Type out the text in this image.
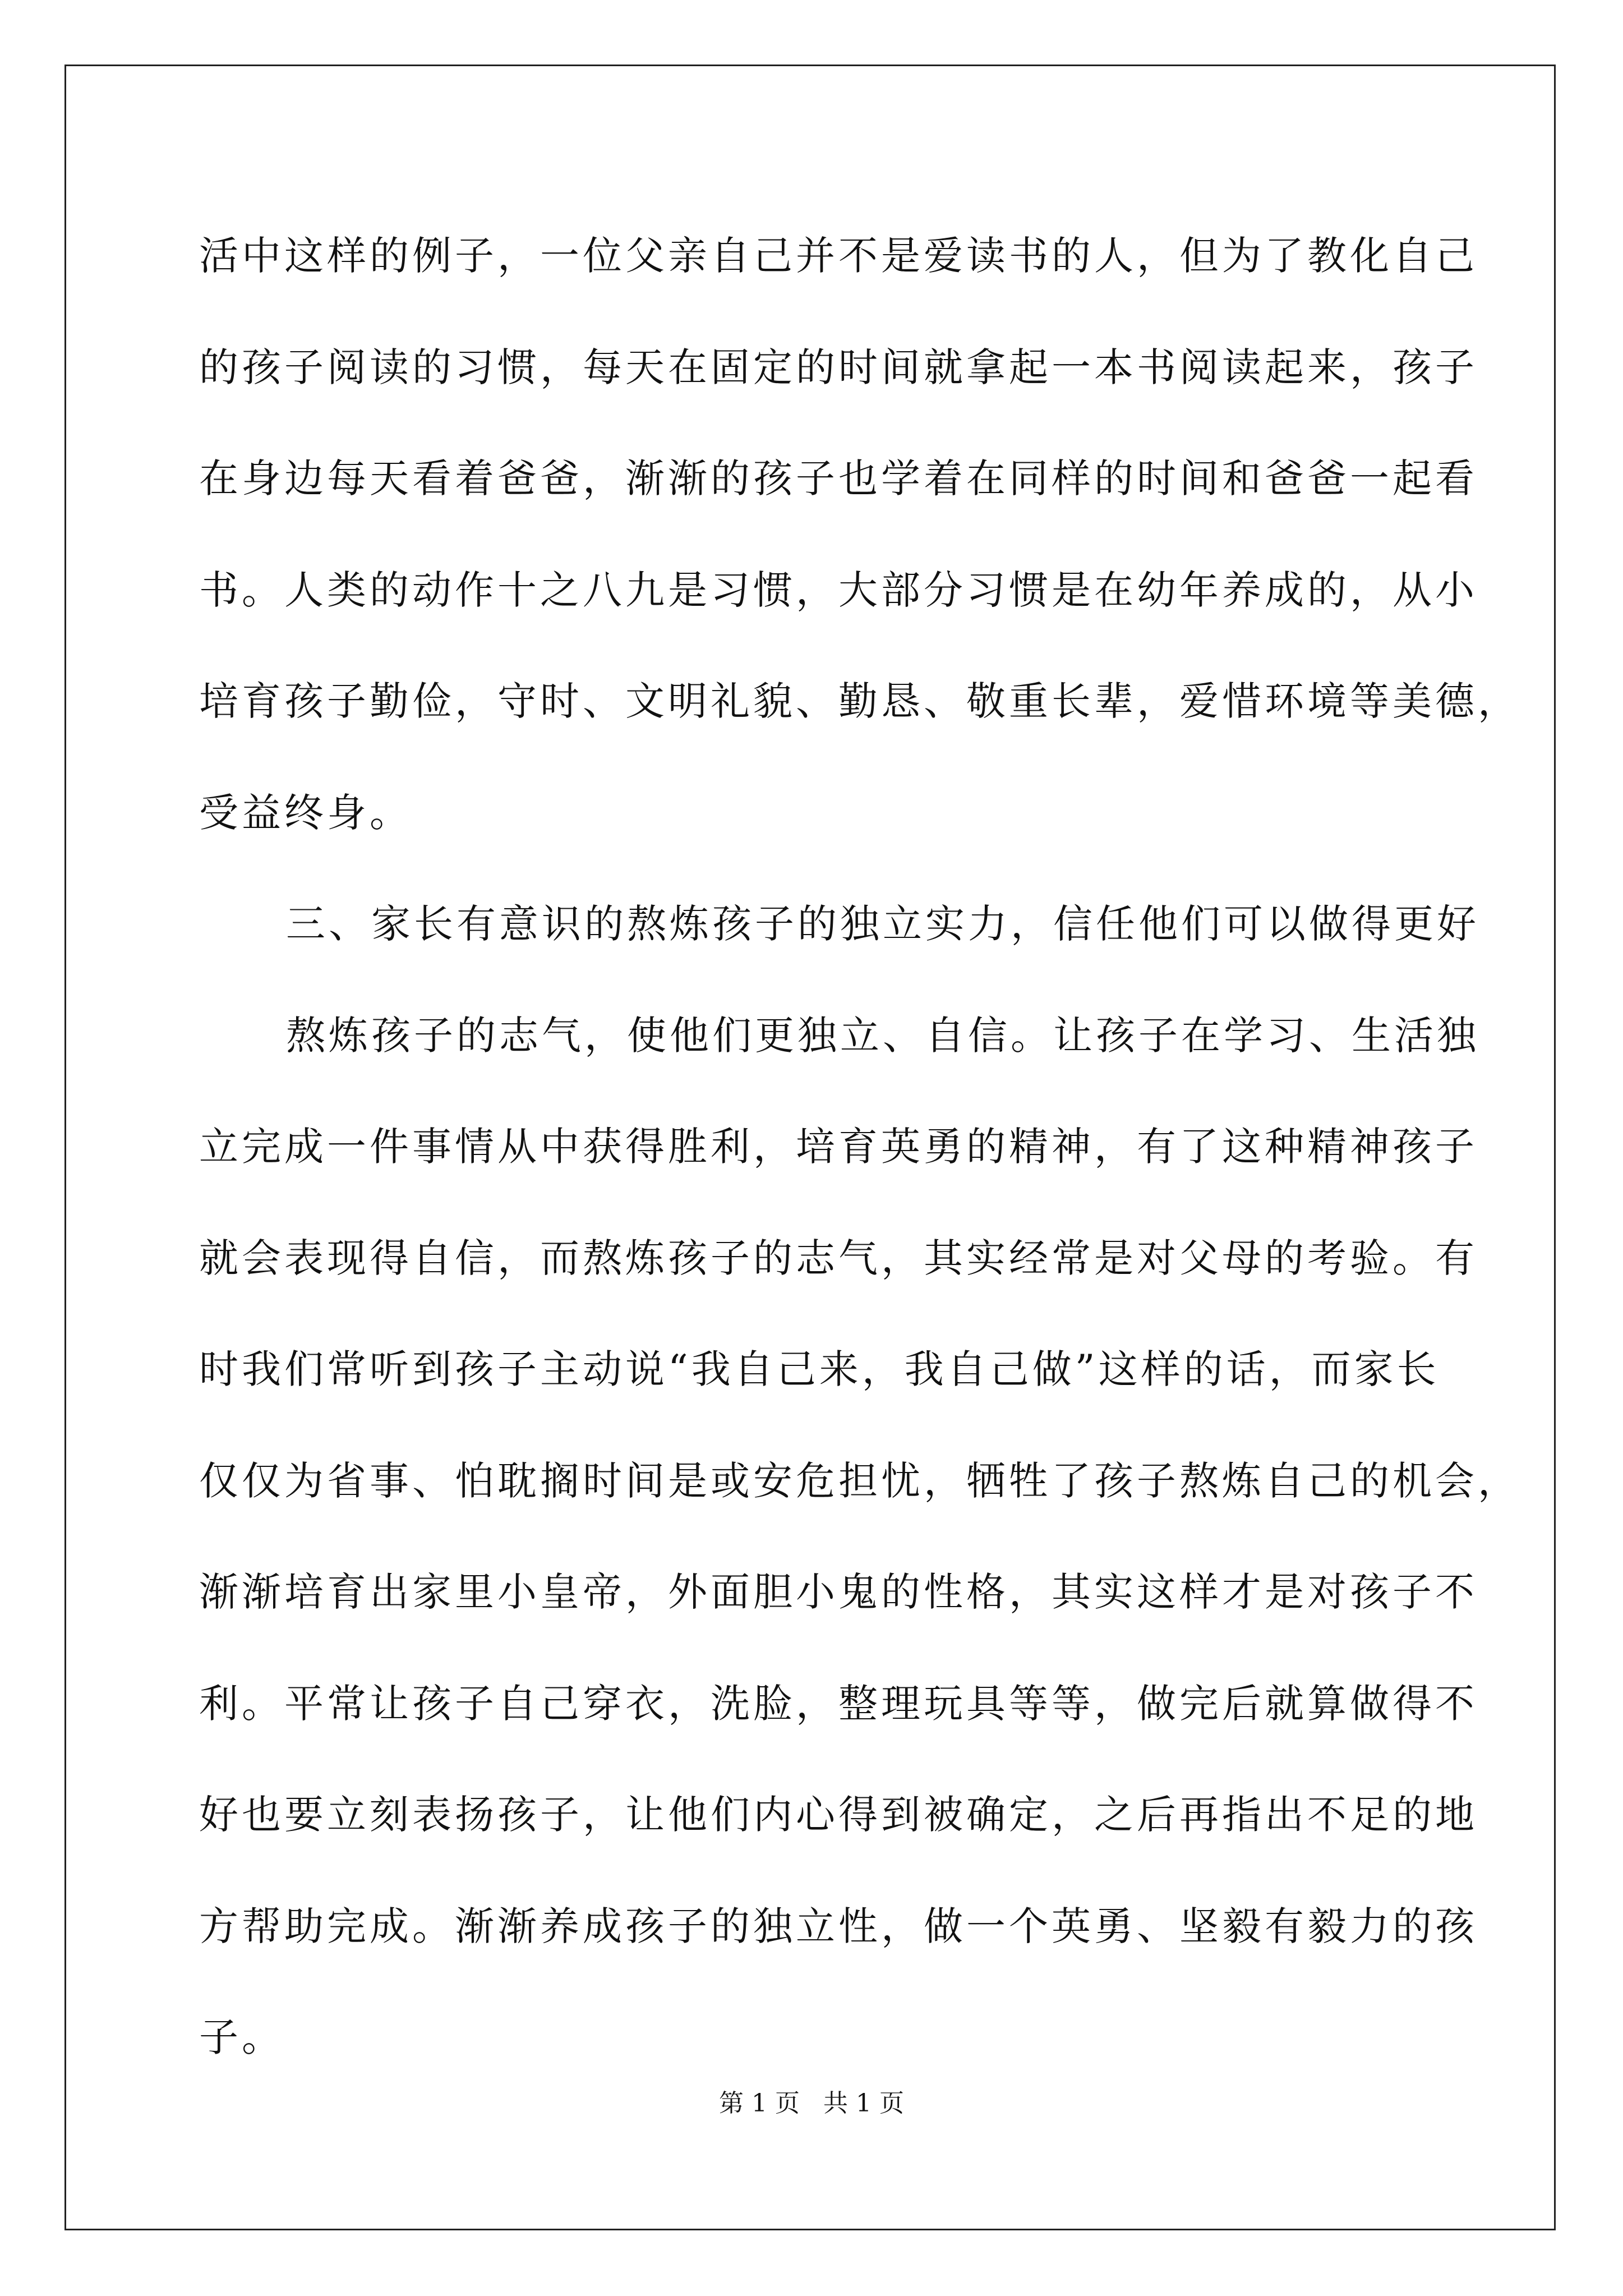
活中这样的例子，一位父亲自己并不是爱读书的人，但为了教化自己
的孩子阅读的习惯，每天在固定的时间就拿起一本书阅读起来，孩子
在身边每天看着爸爸，渐渐的孩子也学着在同样的时间和爸爸一起看
书。人类的动作十之八九是习惯，大部分习惯是在幼年养成的，从小
培育孩子勤俭，守时、文明礼貌、勤恳、敬重长辈，爱惜环境等美德，
受益终身。
三、家长有意识的熬炼孩子的独立实力，信任他们可以做得更好
熬炼孩子的志气，使他们更独立、自信。让孩子在学习、生活独
立完成一件事情从中获得胜利，培育英勇的精神，有了这种精神孩子
就会表现得自信，而熬炼孩子的志气，其实经常是对父母的考验。有
时我们常听到孩子主动说“我自己来，我自己做”这样的话，而家长
仅仅为省事、怕耽搁时间是或安危担忧，牺牲了孩子熬炼自己的机会，
渐渐培育出家里小皇帝，外面胆小鬼的性格，其实这样才是对孩子不
利。平常让孩子自己穿衣，洗脸，整理玩具等等，做完后就算做得不
好也要立刻表扬孩子，让他们内心得到被确定，之后再指出不足的地
方帮助完成。渐渐养成孩子的独立性，做一个英勇、坚毅有毅力的孩
子。
第 1 页   共 1 页
